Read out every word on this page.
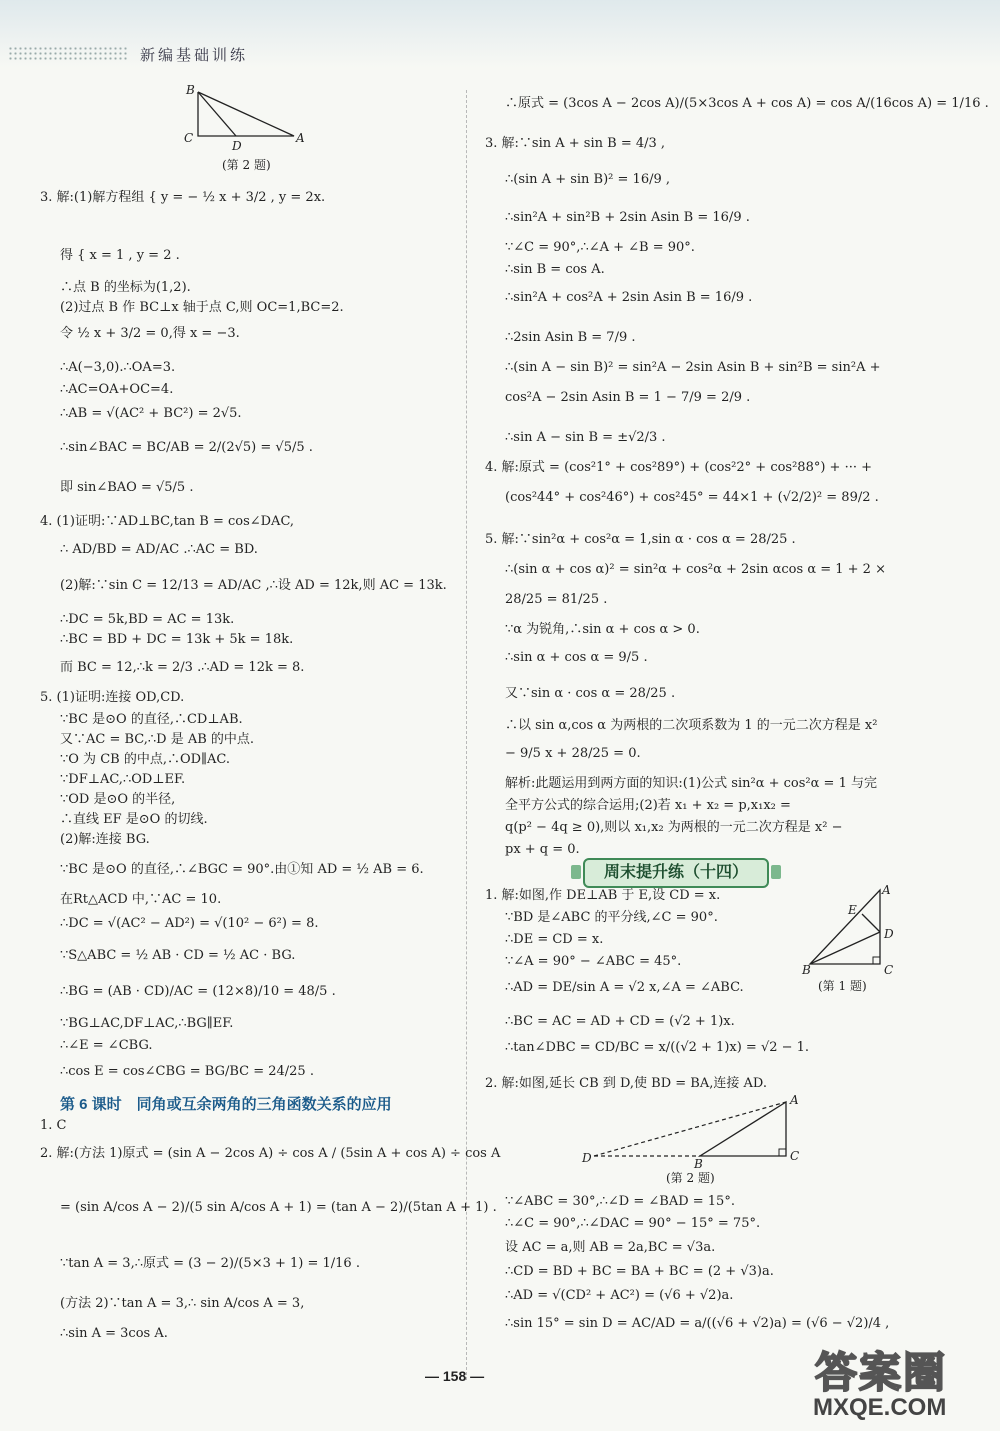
新编基础训练
B
C
D
A
(第 2 题)
A
E
D
B	C
(第 1 题)
A
D	B
C
(第 2 题)
3. 解:(1)解方程组 { y = − ½ x + 3/2 , y = 2x.
得 { x = 1 , y = 2 .
∴点 B 的坐标为(1,2).
(2)过点 B 作 BC⊥x 轴于点 C,则 OC=1,BC=2.
令 ½ x + 3/2 = 0,得 x = −3.
∴A(−3,0).∴OA=3.
∴AC=OA+OC=4.
∴AB = √(AC² + BC²) = 2√5.
∴sin∠BAC = BC/AB = 2/(2√5) = √5/5 .
即 sin∠BAO = √5/5 .
4. (1)证明:∵AD⊥BC,tan B = cos∠DAC,
∴ AD/BD = AD/AC .∴AC = BD.
(2)解:∵sin C = 12/13 = AD/AC ,∴设 AD = 12k,则 AC = 13k.
∴DC = 5k,BD = AC = 13k.
∴BC = BD + DC = 13k + 5k = 18k.
而 BC = 12,∴k = 2/3 .∴AD = 12k = 8.
5. (1)证明:连接 OD,CD.
∵BC 是⊙O 的直径,∴CD⊥AB.
又∵AC = BC,∴D 是 AB 的中点.
∵O 为 CB 的中点,∴OD∥AC.
∵DF⊥AC,∴OD⊥EF.
∵OD 是⊙O 的半径,
∴直线 EF 是⊙O 的切线.
(2)解:连接 BG.
∵BC 是⊙O 的直径,∴∠BGC = 90°.由①知 AD = ½ AB = 6.
在Rt△ACD 中,∵AC = 10.
∴DC = √(AC² − AD²) = √(10² − 6²) = 8.
∵S△ABC = ½ AB · CD = ½ AC · BG.
∴BG = (AB · CD)/AC = (12×8)/10 = 48/5 .
∵BG⊥AC,DF⊥AC,∴BG∥EF.
∴∠E = ∠CBG.
∴cos E = cos∠CBG = BG/BC = 24/25 .
1. C
2. 解:(方法 1)原式 = (sin A − 2cos A) ÷ cos A / (5sin A + cos A) ÷ cos A
= (sin A/cos A − 2)/(5 sin A/cos A + 1) = (tan A − 2)/(5tan A + 1) .
∵tan A = 3,∴原式 = (3 − 2)/(5×3 + 1) = 1/16 .
(方法 2)∵tan A = 3,∴ sin A/cos A = 3,
∴sin A = 3cos A.
第 6 课时　同角或互余两角的三角函数关系的应用
∴原式 = (3cos A − 2cos A)/(5×3cos A + cos A) = cos A/(16cos A) = 1/16 .
3. 解:∵sin A + sin B = 4/3 ,
∴(sin A + sin B)² = 16/9 ,
∴sin²A + sin²B + 2sin Asin B = 16/9 .
∵∠C = 90°,∴∠A + ∠B = 90°.
∴sin B = cos A.
∴sin²A + cos²A + 2sin Asin B = 16/9 .
∴2sin Asin B = 7/9 .
∴(sin A − sin B)² = sin²A − 2sin Asin B + sin²B = sin²A +
cos²A − 2sin Asin B = 1 − 7/9 = 2/9 .
∴sin A − sin B = ±√2/3 .
4. 解:原式 = (cos²1° + cos²89°) + (cos²2° + cos²88°) + ··· +
(cos²44° + cos²46°) + cos²45° = 44×1 + (√2/2)² = 89/2 .
5. 解:∵sin²α + cos²α = 1,sin α · cos α = 28/25 .
∴(sin α + cos α)² = sin²α + cos²α + 2sin αcos α = 1 + 2 ×
28/25 = 81/25 .
∵α 为锐角,∴sin α + cos α > 0.
∴sin α + cos α = 9/5 .
又∵sin α · cos α = 28/25 .
∴以 sin α,cos α 为两根的二次项系数为 1 的一元二次方程是 x²
− 9/5 x + 28/25 = 0.
解析:此题运用到两方面的知识:(1)公式 sin²α + cos²α = 1 与完
全平方公式的综合运用;(2)若 x₁ + x₂ = p,x₁x₂ =
q(p² − 4q ≥ 0),则以 x₁,x₂ 为两根的一元二次方程是 x² −
px + q = 0.
1. 解:如图,作 DE⊥AB 于 E,设 CD = x.
∵BD 是∠ABC 的平分线,∠C = 90°.
∴DE = CD = x.
∵∠A = 90° − ∠ABC = 45°.
∴AD = DE/sin A = √2 x,∠A = ∠ABC.
∴BC = AC = AD + CD = (√2 + 1)x.
∴tan∠DBC = CD/BC = x/((√2 + 1)x) = √2 − 1.
2. 解:如图,延长 CB 到 D,使 BD = BA,连接 AD.
∵∠ABC = 30°,∴∠D = ∠BAD = 15°.
∴∠C = 90°,∴∠DAC = 90° − 15° = 75°.
设 AC = a,则 AB = 2a,BC = √3a.
∴CD = BD + BC = BA + BC = (2 + √3)a.
∴AD = √(CD² + AC²) = (√6 + √2)a.
∴sin 15° = sin D = AC/AD = a/((√6 + √2)a) = (√6 − √2)/4 ,
周末提升练（十四）
— 158 —	答案圈
MXQE.COM
